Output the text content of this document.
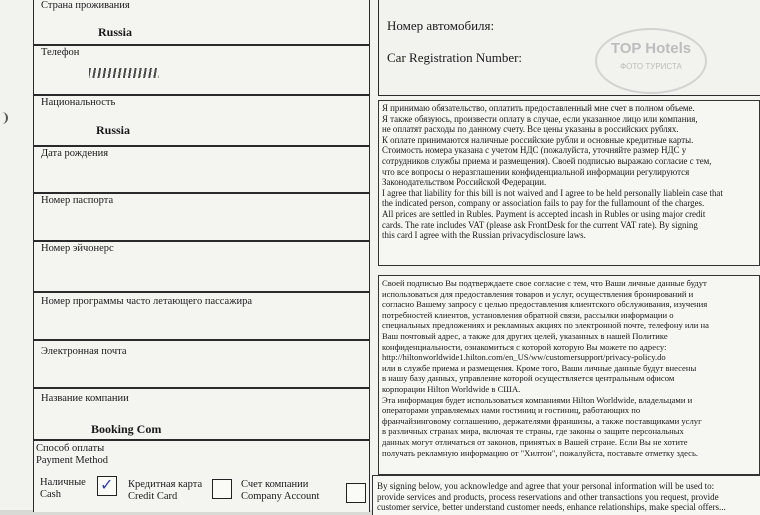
Страна проживания
Russia
Телефон
Национальность
Russia
Дата рождения
Номер паспорта
Номер эйчонерс
Номер программы часто летающего пассажира
Электронная почта
Название компании
Booking Com
Способ оплаты
Payment Method
Наличные
Cash
✓ Кредитная карта
Credit Card
Счет компании
Company Account
Номер автомобиля:
Car Registration Number:
TOP Hotels
ФОТО ТУРИСТА
Я принимаю обязательство, оплатить предоставленный мне счет в полном объеме.
Я также обязуюсь, произвести оплату в случае, если указанное лицо или компания,
не оплатят расходы по данному счету. Все цены указаны в российских рублях.
К оплате принимаются наличные российские рубли и основные кредитные карты.
Стоимость номера указана с учетом НДС (пожалуйста, уточняйте размер НДС у
сотрудников службы приема и размещения). Своей подписью выражаю согласие с тем,
что все вопросы о неразглашении конфиденциальной информации регулируются
Законодательством Российской Федерации.
I agree that liability for this bill is not waived and I agree to be held personally liablein case that
the indicated person, company or association fails to pay for the fullamount of the charges.
All prices are settled in Rubles. Payment is accepted incash in Rubles or using major credit
cards. The rate includes VAT (please ask FrontDesk for the current VAT rate). By signing
this card I agree with the Russian privacydisclosure laws.
Своей подписью Вы подтверждаете свое согласие с тем, что Ваши личные данные будут
использоваться для предоставления товаров и услуг, осуществления бронирований и
согласно Вашему запросу с целью предоставления клиентского обслуживания, изучения
потребностей клиентов, установления обратной связи, рассылки информации о
специальных предложениях и рекламных акциях по электронной почте, телефону или на
Ваш почтовый адрес, а также для других целей, указанных в нашей Политике
конфиденциальности, ознакомиться с которой которую Вы можете по адресу:
http://hiltonworldwide1.hilton.com/en_US/ww/customersupport/privacy-policy.do
или в службе приема и размещения. Кроме того, Ваши личные данные будут внесены
в нашу базу данных, управление которой осуществляется центральным офисом
корпорации Hilton Worldwide в США.
Эта информация будет использоваться компаниями Hilton Worldwide, владельцами и
операторами управляемых нами гостиниц и гостиниц, работающих по
франчайзинговому соглашению, держателями франшизы, а также поставщиками услуг
в различных странах мира, включая те страны, где законы о защите персональных
данных могут отличаться от законов, принятых в Вашей стране. Если Вы не хотите
получать рекламную информацию от "Хилтон", пожалуйста, поставьте отметку здесь.
By signing below, you acknowledge and agree that your personal information will be used to:
provide services and products, process reservations and other transactions you request, provide
customer service, better understand customer needs, enhance relationships, make special offers...
